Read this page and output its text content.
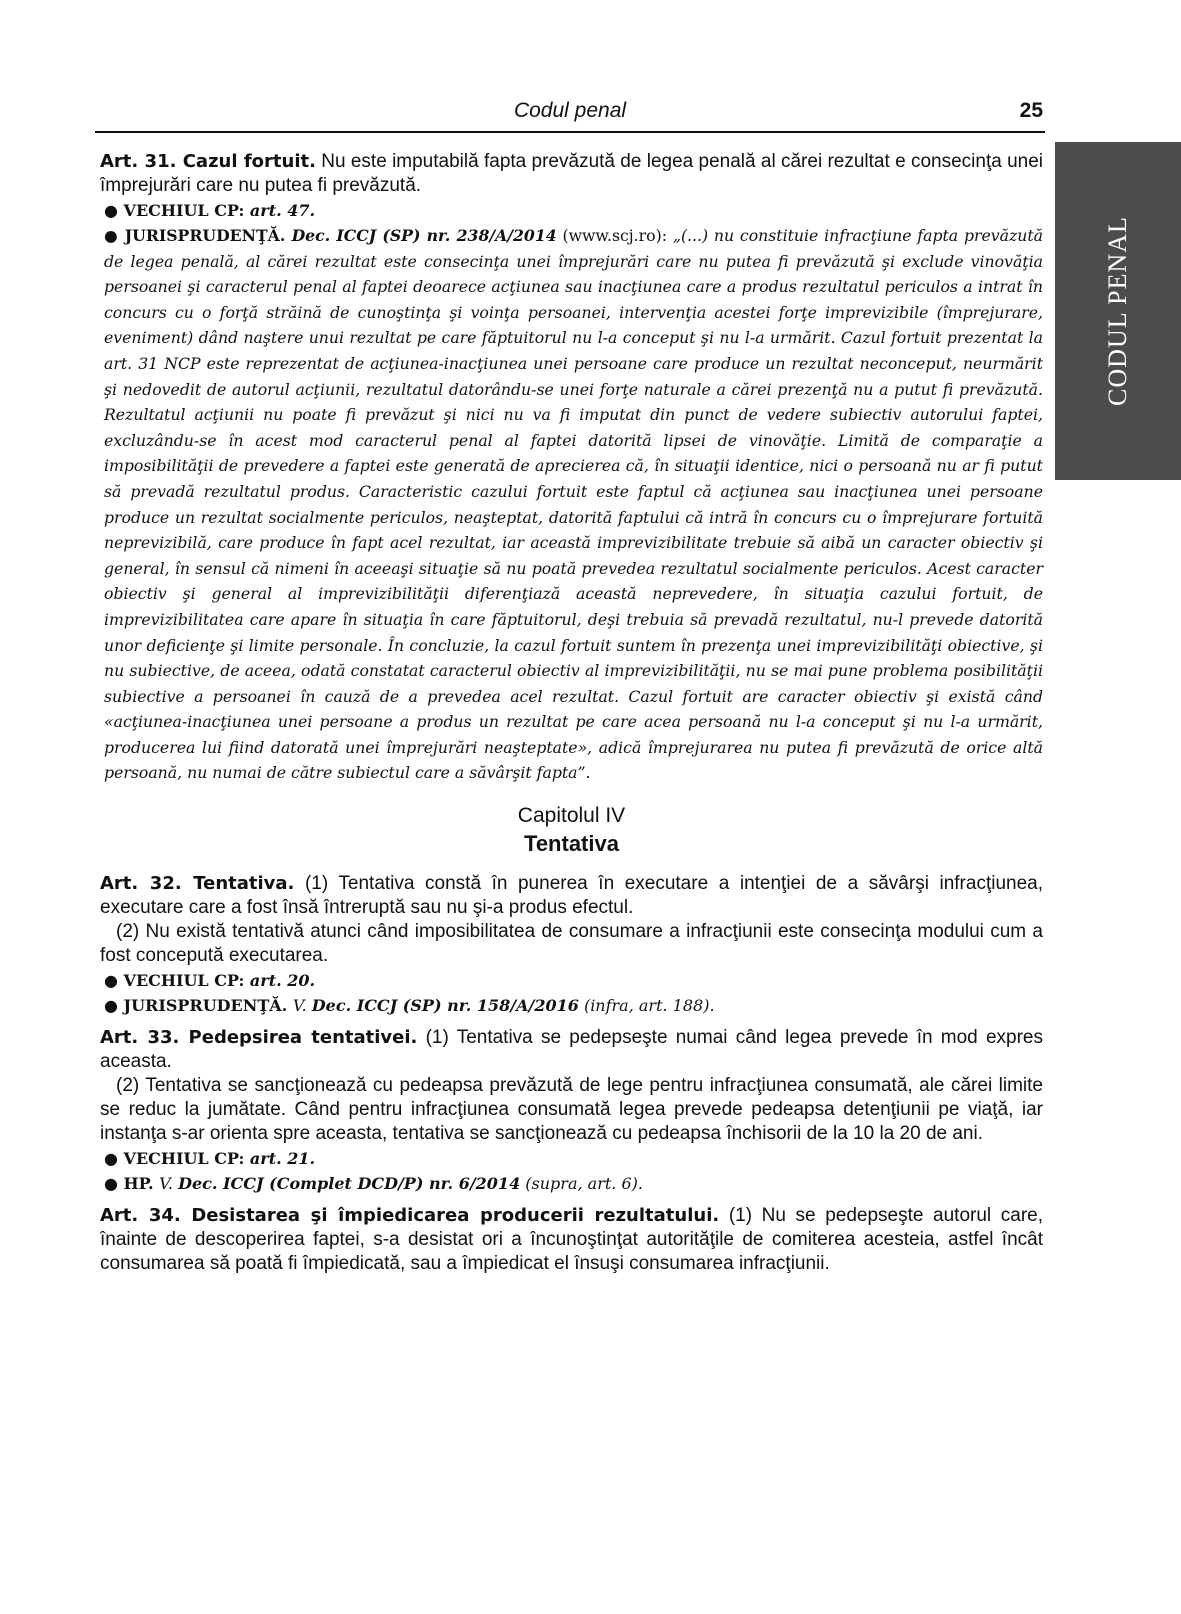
Codul penal	25
CODUL PENAL

Art. 31. Cazul fortuit. Nu este imputabilă fapta prevăzută de legea penală al cărei rezultat e consecinţa unei împrejurări care nu putea fi prevăzută.

● VECHIUL CP: art. 47.

● JURISPRUDENŢĂ. Dec. ICCJ (SP) nr. 238/A/2014 (www.scj.ro): „(...) nu constituie infracţiune fapta prevăzută de legea penală, al cărei rezultat este consecinţa unei împrejurări care nu putea fi prevăzută şi exclude vinovăţia persoanei şi caracterul penal al faptei deoarece acţiunea sau inacţiunea care a produs rezultatul periculos a intrat în concurs cu o forţă străină de cunoştinţa şi voinţa persoanei, intervenţia acestei forţe imprevizibile (împrejurare, eveniment) dând naştere unui rezultat pe care făptuitorul nu l-a conceput şi nu l-a urmărit. Cazul fortuit prezentat la art. 31 NCP este reprezentat de acţiunea-inacţiunea unei persoane care produce un rezultat neconceput, neurmărit şi nedovedit de autorul acţiunii, rezultatul datorându-se unei forţe naturale a cărei prezenţă nu a putut fi prevăzută. Rezultatul acţiunii nu poate fi prevăzut şi nici nu va fi imputat din punct de vedere subiectiv autorului faptei, excluzându-se în acest mod caracterul penal al faptei datorită lipsei de vinovăţie. Limită de comparaţie a imposibilităţii de prevedere a faptei este generată de aprecierea că, în situaţii identice, nici o persoană nu ar fi putut să prevadă rezultatul produs. Caracteristic cazului fortuit este faptul că acţiunea sau inacţiunea unei persoane produce un rezultat socialmente periculos, neaşteptat, datorită faptului că intră în concurs cu o împrejurare fortuită neprevizibilă, care produce în fapt acel rezultat, iar această imprevizibilitate trebuie să aibă un caracter obiectiv şi general, în sensul că nimeni în aceeaşi situaţie să nu poată prevedea rezultatul socialmente periculos. Acest caracter obiectiv şi general al imprevizibilităţii diferenţiază această neprevedere, în situaţia cazului fortuit, de imprevizibilitatea care apare în situaţia în care făptuitorul, deşi trebuia să prevadă rezultatul, nu-l prevede datorită unor deficienţe şi limite personale. În concluzie, la cazul fortuit suntem în prezenţa unei imprevizibilităţi obiective, şi nu subiective, de aceea, odată constatat caracterul obiectiv al imprevizibilităţii, nu se mai pune problema posibilităţii subiective a persoanei în cauză de a prevedea acel rezultat. Cazul fortuit are caracter obiectiv şi există când «acţiunea-inacţiunea unei persoane a produs un rezultat pe care acea persoană nu l-a conceput şi nu l-a urmărit, producerea lui fiind datorată unei împrejurări neaşteptate», adică împrejurarea nu putea fi prevăzută de orice altă persoană, nu numai de către subiectul care a săvârşit fapta”.

Capitolul IV
Tentativa

Art. 32. Tentativa. (1) Tentativa constă în punerea în executare a intenţiei de a săvârşi infracţiunea, executare care a fost însă întreruptă sau nu şi-a produs efectul.

(2) Nu există tentativă atunci când imposibilitatea de consumare a infracţiunii este consecinţa modului cum a fost concepută executarea.

● VECHIUL CP: art. 20.

● JURISPRUDENŢĂ. V. Dec. ICCJ (SP) nr. 158/A/2016 (infra, art. 188).

Art. 33. Pedepsirea tentativei. (1) Tentativa se pedepseşte numai când legea prevede în mod expres aceasta.

(2) Tentativa se sancţionează cu pedeapsa prevăzută de lege pentru infracţiunea consumată, ale cărei limite se reduc la jumătate. Când pentru infracţiunea consumată legea prevede pedeapsa detenţiunii pe viaţă, iar instanţa s-ar orienta spre aceasta, tentativa se sancţionează cu pedeapsa închisorii de la 10 la 20 de ani.

● VECHIUL CP: art. 21.

● HP. V. Dec. ICCJ (Complet DCD/P) nr. 6/2014 (supra, art. 6).

Art. 34. Desistarea şi împiedicarea producerii rezultatului. (1) Nu se pedepseşte autorul care, înainte de descoperirea faptei, s-a desistat ori a încunoştinţat autorităţile de comiterea acesteia, astfel încât consumarea să poată fi împiedicată, sau a împiedicat el însuşi consumarea infracţiunii.
